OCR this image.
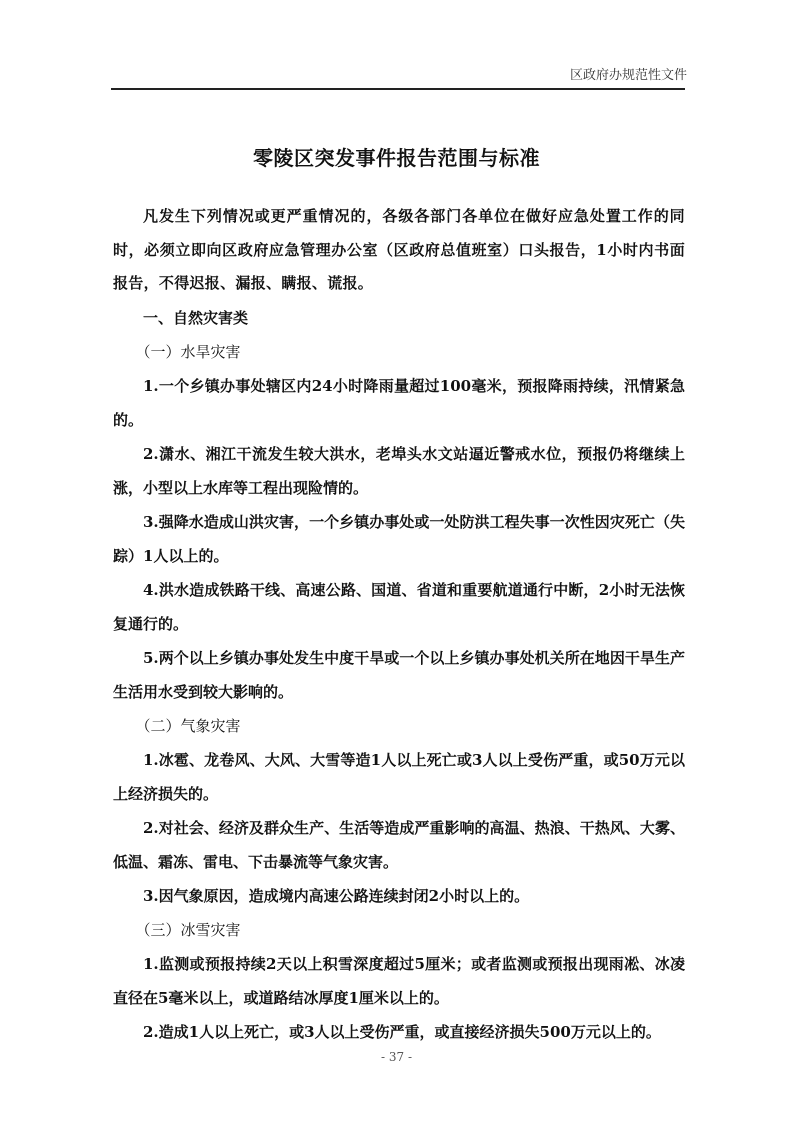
区政府办规范性文件
零陵区突发事件报告范围与标准

凡发生下列情况或更严重情况的，各级各部门各单位在做好应急处置工作的同时，必须立即向区政府应急管理办公室（区政府总值班室）口头报告，1小时内书面报告，不得迟报、漏报、瞒报、谎报。

一、自然灾害类

（一）水旱灾害

1.一个乡镇办事处辖区内24小时降雨量超过100毫米，预报降雨持续，汛情紧急的。

2.潇水、湘江干流发生较大洪水，老埠头水文站逼近警戒水位，预报仍将继续上涨，小型以上水库等工程出现险情的。

3.强降水造成山洪灾害，一个乡镇办事处或一处防洪工程失事一次性因灾死亡（失踪）1人以上的。

4.洪水造成铁路干线、高速公路、国道、省道和重要航道通行中断，2小时无法恢复通行的。

5.两个以上乡镇办事处发生中度干旱或一个以上乡镇办事处机关所在地因干旱生产生活用水受到较大影响的。

（二）气象灾害

1.冰雹、龙卷风、大风、大雪等造1人以上死亡或3人以上受伤严重，或50万元以上经济损失的。

2.对社会、经济及群众生产、生活等造成严重影响的高温、热浪、干热风、大雾、低温、霜冻、雷电、下击暴流等气象灾害。

3.因气象原因，造成境内高速公路连续封闭2小时以上的。

（三）冰雪灾害

1.监测或预报持续2天以上积雪深度超过5厘米；或者监测或预报出现雨凇、冰凌直径在5毫米以上，或道路结冰厚度1厘米以上的。

2.造成1人以上死亡，或3人以上受伤严重，或直接经济损失500万元以上的。

- 37 -
